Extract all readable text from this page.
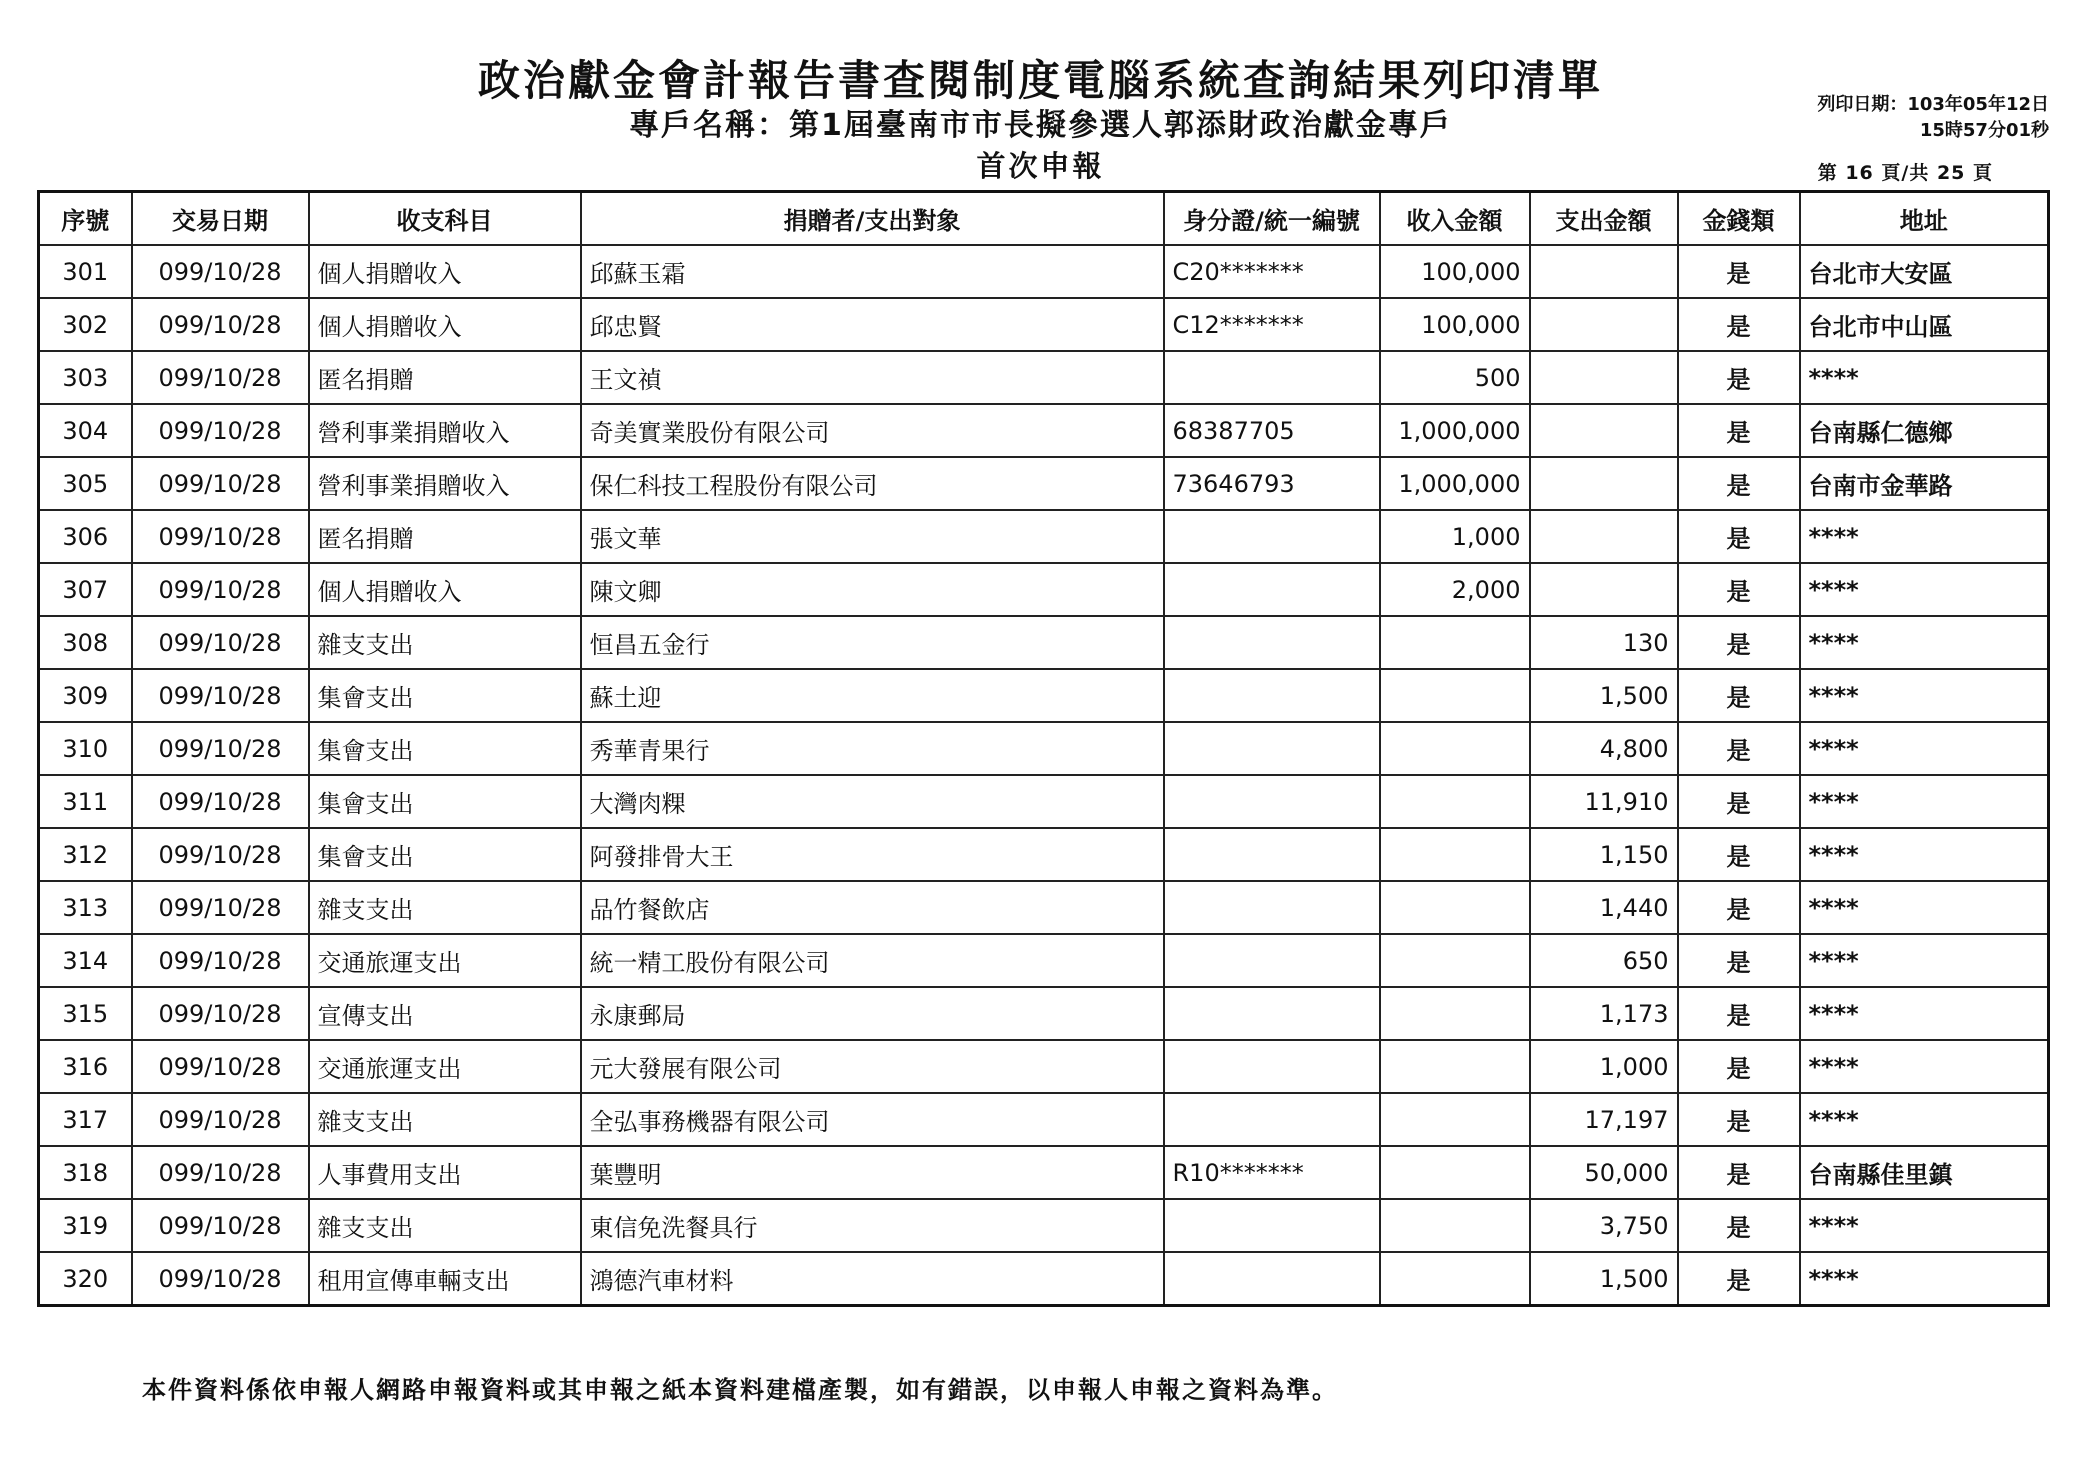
政治獻金會計報告書查閱制度電腦系統查詢結果列印清單
專戶名稱：第1屆臺南市市長擬參選人郭添財政治獻金專戶
首次申報
列印日期：103年05年12日
15時57分01秒
第 16 頁/共 25 頁
序號	交易日期	收支科目	捐贈者/支出對象	身分證/統一編號	收入金額	支出金額	金錢類	地址
301	099/10/28	個人捐贈收入	邱蘇玉霜	C20*******	100,000		是	台北市大安區
302	099/10/28	個人捐贈收入	邱忠賢	C12*******	100,000		是	台北市中山區
303	099/10/28	匿名捐贈	王文禎		500		是	****
304	099/10/28	營利事業捐贈收入	奇美實業股份有限公司	68387705	1,000,000		是	台南縣仁德鄉
305	099/10/28	營利事業捐贈收入	保仁科技工程股份有限公司	73646793	1,000,000		是	台南市金華路
306	099/10/28	匿名捐贈	張文華		1,000		是	****
307	099/10/28	個人捐贈收入	陳文卿		2,000		是	****
308	099/10/28	雜支支出	恒昌五金行			130	是	****
309	099/10/28	集會支出	蘇土迎			1,500	是	****
310	099/10/28	集會支出	秀華青果行			4,800	是	****
311	099/10/28	集會支出	大灣肉粿			11,910	是	****
312	099/10/28	集會支出	阿發排骨大王			1,150	是	****
313	099/10/28	雜支支出	品竹餐飲店			1,440	是	****
314	099/10/28	交通旅運支出	統一精工股份有限公司			650	是	****
315	099/10/28	宣傳支出	永康郵局			1,173	是	****
316	099/10/28	交通旅運支出	元大發展有限公司			1,000	是	****
317	099/10/28	雜支支出	全弘事務機器有限公司			17,197	是	****
318	099/10/28	人事費用支出	葉豐明	R10*******		50,000	是	台南縣佳里鎮
319	099/10/28	雜支支出	東信免洗餐具行			3,750	是	****
320	099/10/28	租用宣傳車輛支出	鴻德汽車材料			1,500	是	****
本件資料係依申報人網路申報資料或其申報之紙本資料建檔產製，如有錯誤，以申報人申報之資料為準。
